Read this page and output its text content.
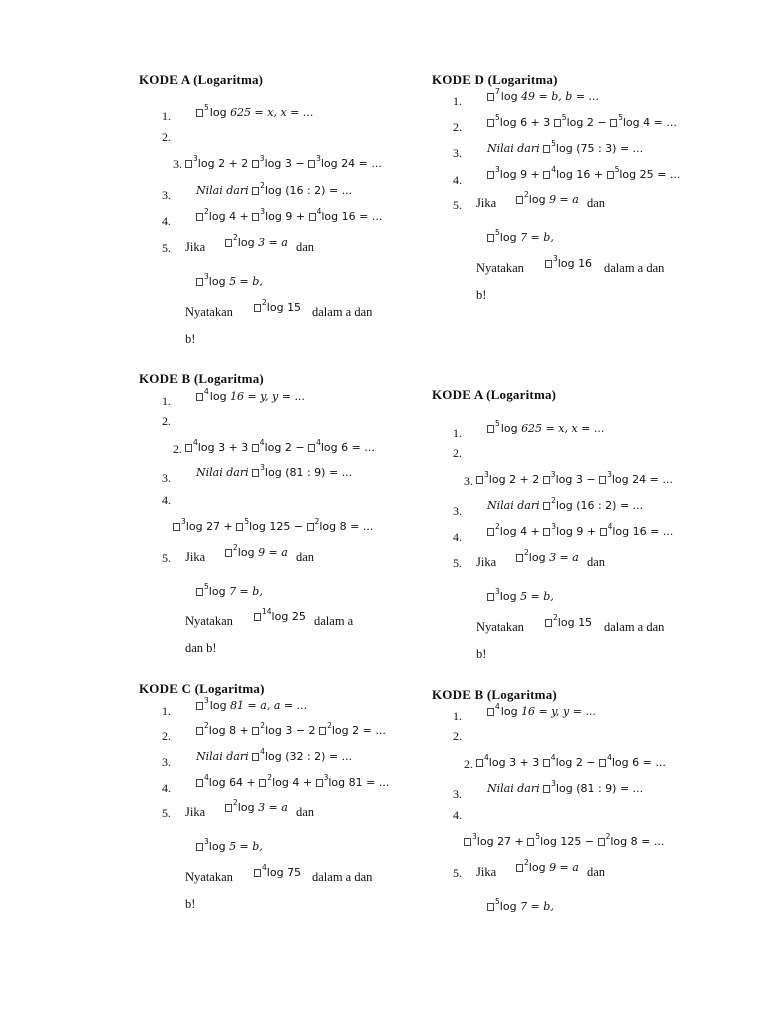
KODE A (Logaritma)
1.
$^5$log 625 = x, x = ...
2.
3.	$^3$log 2 + 2 $^3$log 3 − $^3$log 24 = ...
3. Nilai dari $^2$log (16 : 2) = ...
4.
$^2$log 4 + $^3$log 9 + $^4$log 16 = ...
5. Jika
$^2$log 3 = a dan
$^3$log 5 = b,
Nyatakan
$^2$log 15 dalam a dan
b!
KODE D (Logaritma)
1.
$^7$log 49 = b, b = ...
2.
$^5$log 6 + 3 $^5$log 2 − $^5$log 4 = ...
3. Nilai dari $^5$log (75 : 3) = ...
4.
$^3$log 9 + $^4$log 16 + $^5$log 25 = ...
5. Jika
$^2$log 9 = a dan
$^5$log 7 = b,
Nyatakan
$^3$log 16 dalam a dan
b!
KODE B (Logaritma)
1.
$^4$log 16 = y, y = ...
2.
2.	$^4$log 3 + 3 $^4$log 2 − $^4$log 6 = ...
3. Nilai dari $^3$log (81 : 9) = ...
4.
$^3$log 27 + $^5$log 125 − $^2$log 8 = ...
5. Jika
$^2$log 9 = a dan
$^5$log 7 = b,
Nyatakan
$^{14}$log 25 dalam a
dan b!
KODE A (Logaritma)
1.
$^5$log 625 = x, x = ...
2.
3.	$^3$log 2 + 2 $^3$log 3 − $^3$log 24 = ...
3. Nilai dari $^2$log (16 : 2) = ...
4.
$^2$log 4 + $^3$log 9 + $^4$log 16 = ...
5. Jika
$^2$log 3 = a dan
$^3$log 5 = b,
Nyatakan
$^2$log 15 dalam a dan
b!
KODE C (Logaritma)
1.
$^3$log 81 = a, a = ...
2.
$^2$log 8 + $^2$log 3 − 2 $^2$log 2 = ...
3. Nilai dari $^4$log (32 : 2) = ...
4.
$^4$log 64 + $^2$log 4 + $^3$log 81 = ...
5. Jika
$^2$log 3 = a dan
$^3$log 5 = b,
Nyatakan
$^4$log 75 dalam a dan
b!
KODE B (Logaritma)
1.
$^4$log 16 = y, y = ...
2.
2.	$^4$log 3 + 3 $^4$log 2 − $^4$log 6 = ...
3. Nilai dari $^3$log (81 : 9) = ...
4.
$^3$log 27 + $^5$log 125 − $^2$log 8 = ...
5. Jika
$^2$log 9 = a dan
$^5$log 7 = b,
